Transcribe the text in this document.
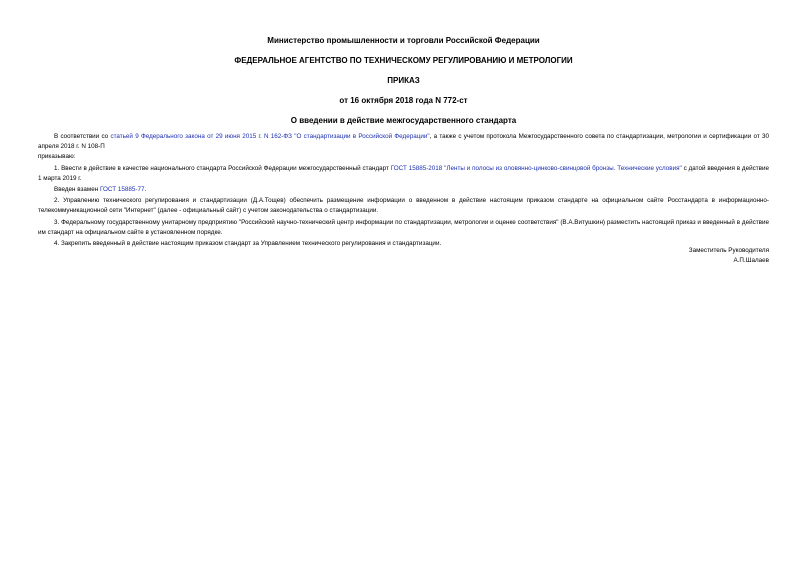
Министерство промышленности и торговли Российской Федерации
ФЕДЕРАЛЬНОЕ АГЕНТСТВО ПО ТЕХНИЧЕСКОМУ РЕГУЛИРОВАНИЮ И МЕТРОЛОГИИ
ПРИКАЗ
от 16 октября 2018 года N 772-ст
О введении в действие межгосударственного стандарта

В соответствии со статьей 9 Федерального закона от 29 июня 2015 г. N 162-ФЗ "О стандартизации в Российской Федерации", а также с учетом протокола Межгосударственного совета по стандартизации, метрологии и сертификации от 30 апреля 2018 г. N 108-П

приказываю:

1. Ввести в действие в качестве национального стандарта Российской Федерации межгосударственный стандарт ГОСТ 15885-2018 "Ленты и полосы из оловянно-цинково-свинцовой бронзы. Технические условия" с датой введения в действие 1 марта 2019 г.

Введен взамен ГОСТ 15885-77.

2. Управлению технического регулирования и стандартизации (Д.А.Тощев) обеспечить размещение информации о введенном в действие настоящим приказом стандарте на официальном сайте Росстандарта в информационно-телекоммуникационной сети "Интернет" (далее - официальный сайт) с учетом законодательства о стандартизации.

3. Федеральному государственному унитарному предприятию "Российский научно-технический центр информации по стандартизации, метрологии и оценке соответствия" (В.А.Витушкин) разместить настоящий приказ и введенный в действие им стандарт на официальном сайте в установленном порядке.

4. Закрепить введенный в действие настоящим приказом стандарт за Управлением технического регулирования и стандартизации.

Заместитель Руководителя
А.П.Шалаев
